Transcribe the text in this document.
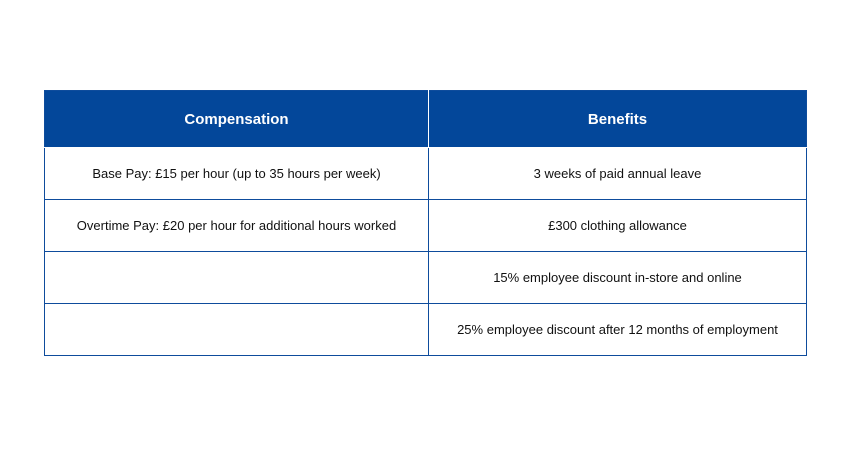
Compensation	Benefits
Base Pay: £15 per hour (up to 35 hours per week)	3 weeks of paid annual leave
Overtime Pay: £20 per hour for additional hours worked	£300 clothing allowance
	15% employee discount in-store and online
	25% employee discount after 12 months of employment
